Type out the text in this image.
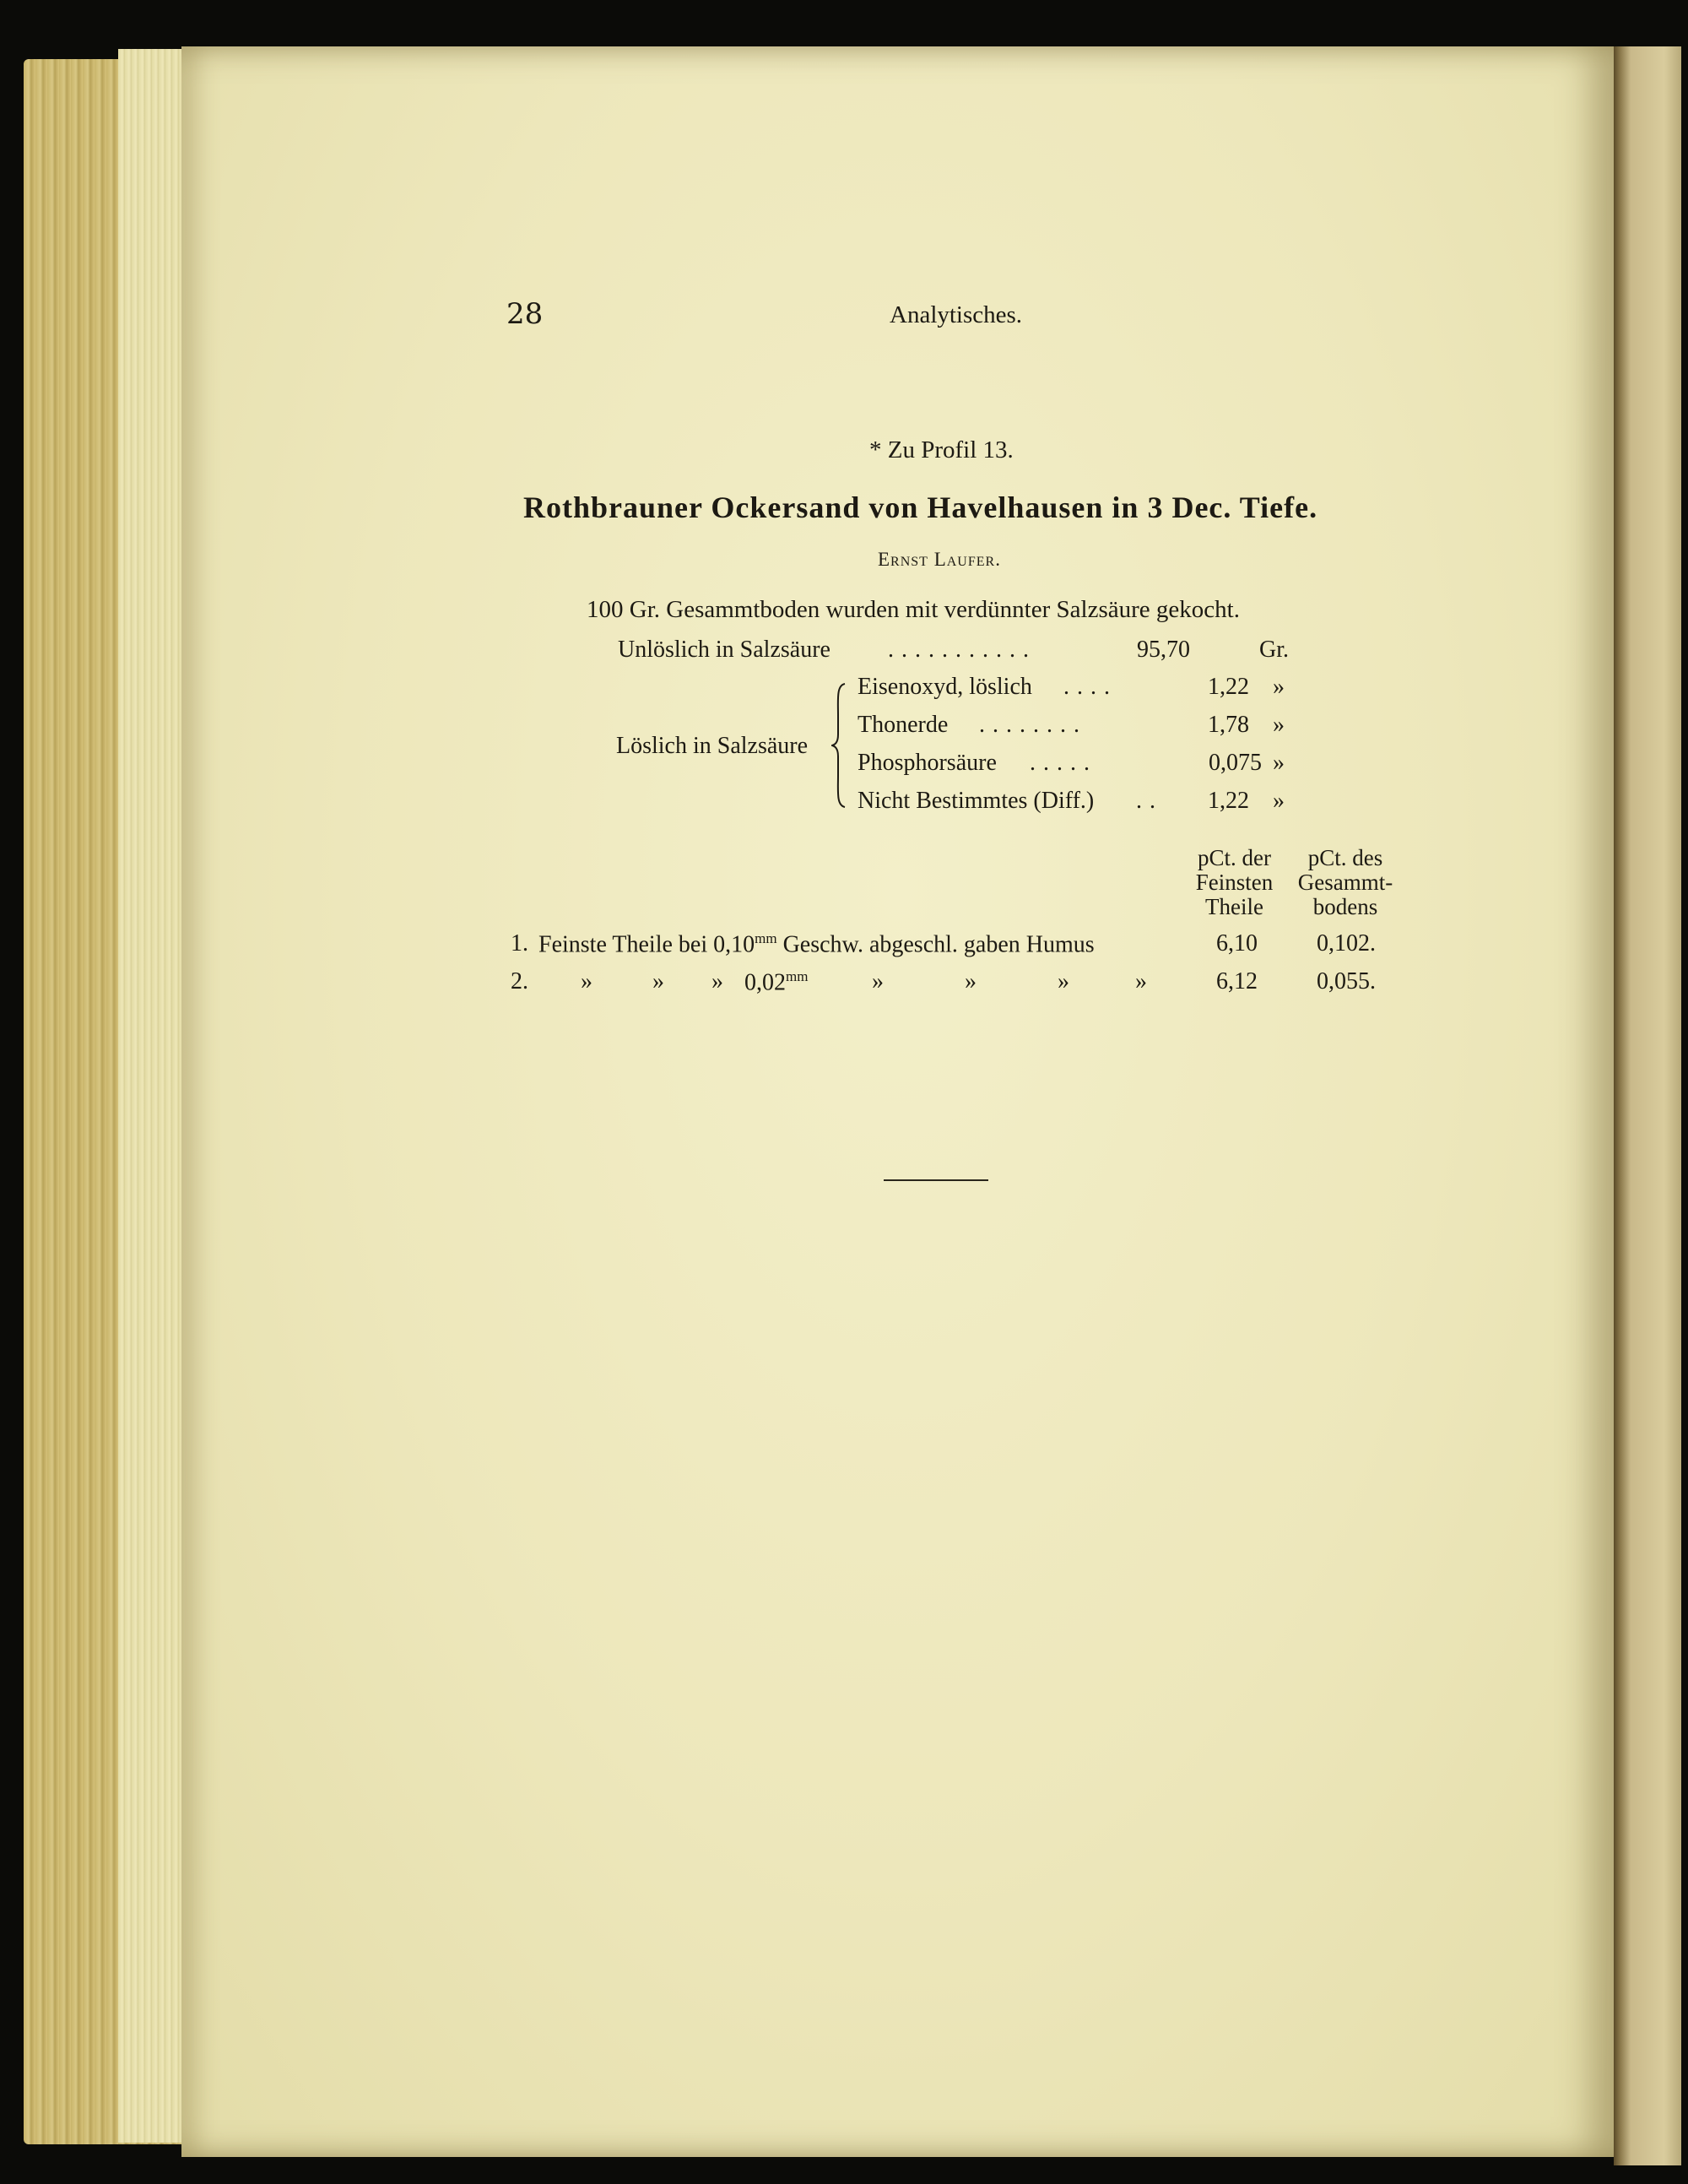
28	Analytisches.
* Zu Profil 13.
Rothbrauner Ockersand von Havelhausen in 3 Dec. Tiefe.
Ernst Laufer.
100 Gr. Gesammtboden wurden mit verdünnter Salzsäure gekocht.
Unlöslich in Salzsäure ...........	95,70	Gr.
Löslich in Salzsäure
Eisenoxyd, löslich ....	1,22 »
Thonerde ........	1,78 »
Phosphorsäure .....	0,075 »
Nicht Bestimmtes (Diff.) ..	1,22 »
pCt. der
Feinsten
Theile
pCt. des
Gesammt-
bodens
1. Feinste Theile bei $0,10^{mm}$ Geschw. abgeschl. gaben Humus	6,10	0,102.
2. »	» » $0,02^{mm}$	»	»	»	»	6,12	0,055.
